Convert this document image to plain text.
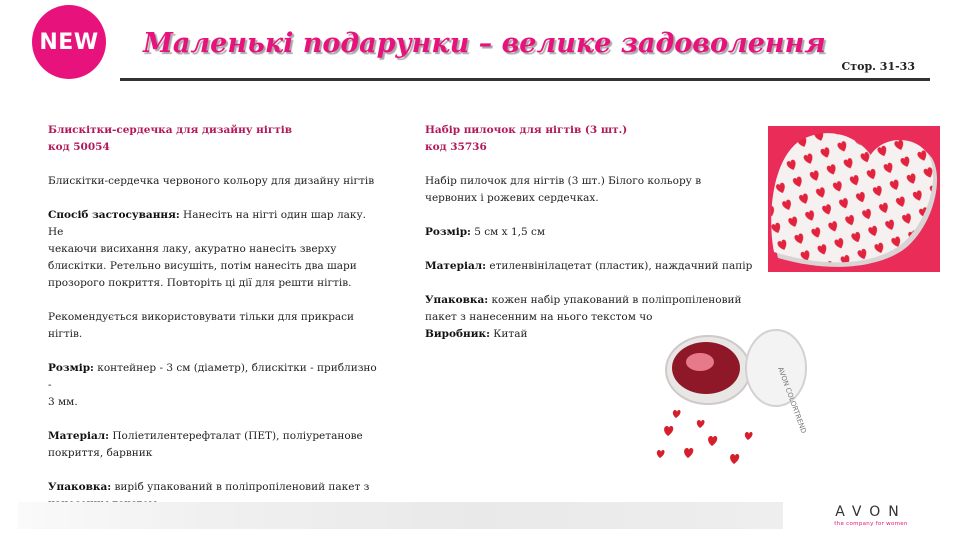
NEW Маленькі подарунки – велике задоволення
Стор. 31-33

Блискітки-сердечка для дизайну нігтів

код 50054

Блискітки-сердечка червоного кольору для дизайну нігтів

Спосіб застосування: Нанесіть на нігті один шар лаку. Не

чекаючи висихання лаку, акуратно нанесіть зверху

блискітки. Ретельно висушіть, потім нанесіть два шари

прозорого покриття. Повторіть ці дії для решти нігтів.

Рекомендується використовувати тільки для прикраси

нігтів.

Розмір: контейнер - 3 см (діаметр), блискітки - приблизно -

3 мм.

Матеріал: Поліетилентерефталат (ПЕТ), поліуретанове

покриття, барвник

Упаковка: виріб упакований в поліпропіленовий пакет з

Набір пилочок для нігтів (3 шт.)

код 35736

Набір пилочок для нігтів (3 шт.) Білого кольору в

червоних і рожевих сердечках.

Розмір: 5 см x 1,5 см

Матеріал: етиленвінілацетат (пластик), наждачний папір

Упаковка: кожен набір упакований в поліпропіленовий

пакет з нанесенним на нього текстом чо

Виробник: Китай

AVON COLORTREND
AVON
the company for women
